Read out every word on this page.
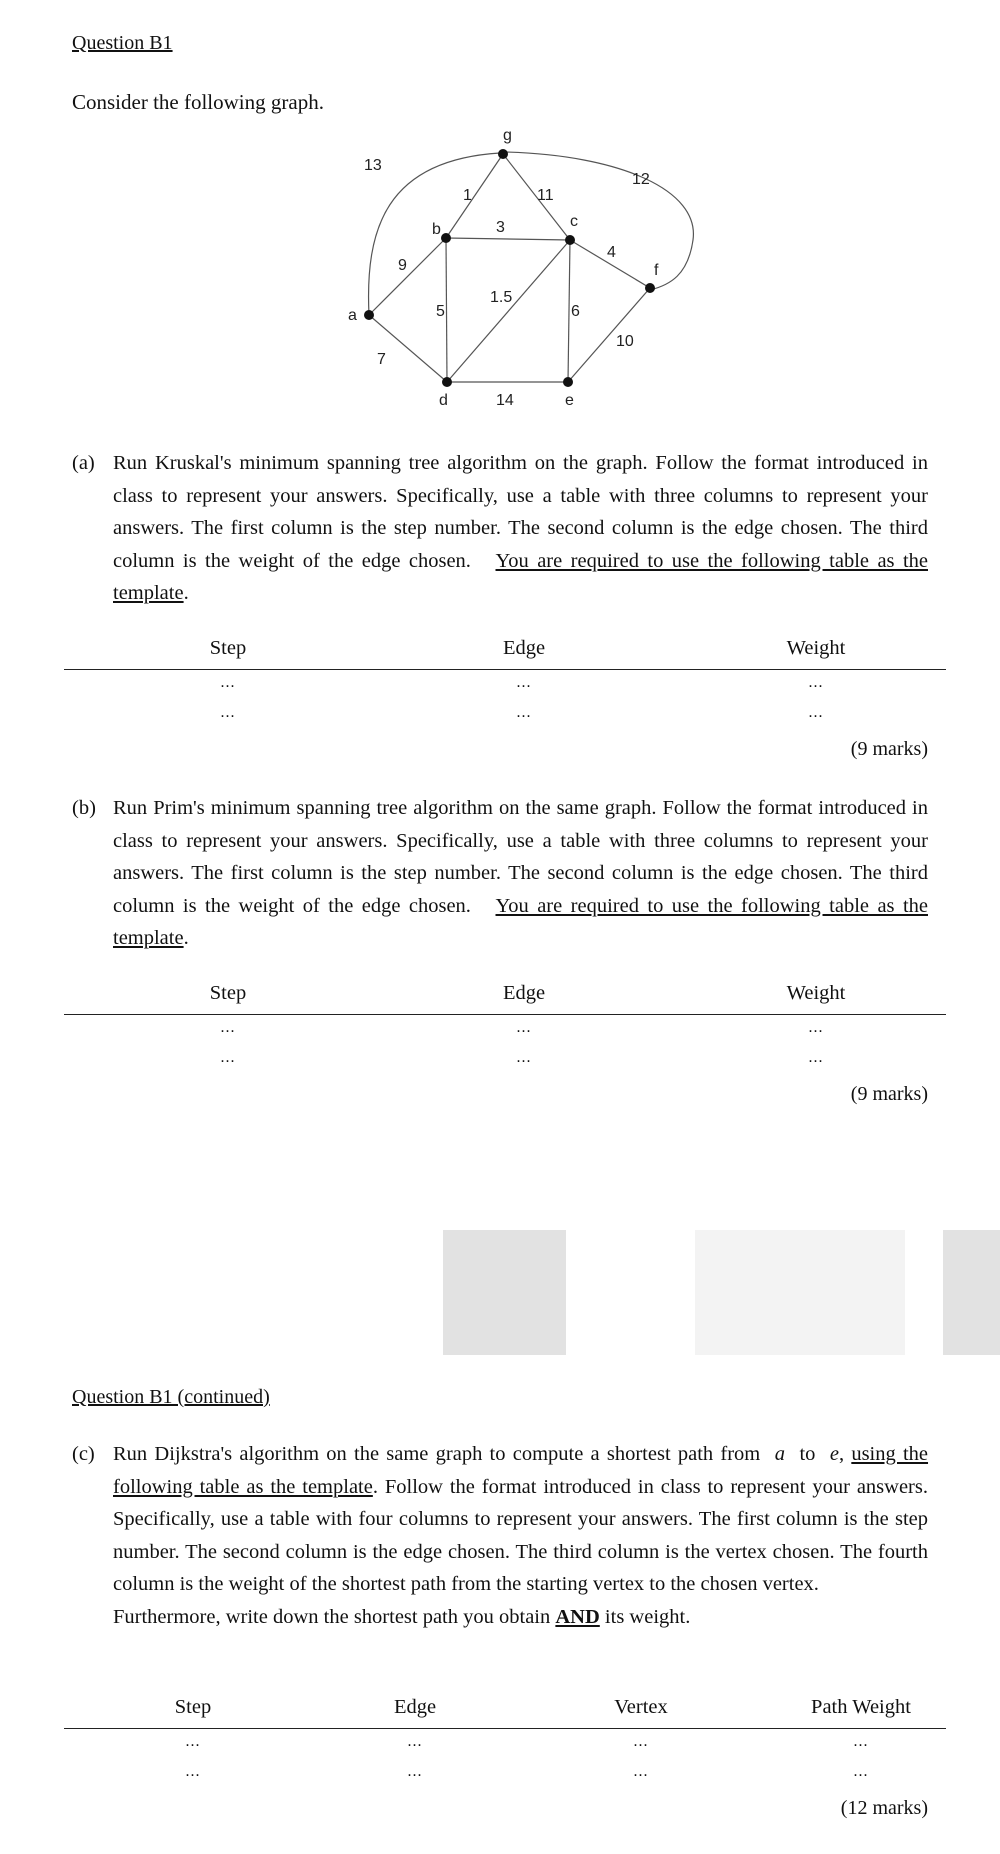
Question B1
Consider the following graph.
a
b	c
d	e
f
g
13
9
7
1
3
5
11
12
1.5
6
4
14
10
(a) Run Kruskal's minimum spanning tree algorithm on the graph. Follow the format introduced in class to represent your answers. Specifically, use a table with three columns to represent your answers. The first column is the step number. The second column is the edge chosen. The third column is the weight of the edge chosen. You are required to use the following table as the template.
Step	Edge	Weight
...	...	...
...	...	...
(9 marks)
(b) Run Prim's minimum spanning tree algorithm on the same graph. Follow the format introduced in class to represent your answers. Specifically, use a table with three columns to represent your answers. The first column is the step number. The second column is the edge chosen. The third column is the weight of the edge chosen. You are required to use the following table as the template.
Step	Edge	Weight
...	...	...
...	...	...
(9 marks)
Question B1 (continued)
(c) Run Dijkstra's algorithm on the same graph to compute a shortest path from a to e, using the following table as the template. Follow the format introduced in class to represent your answers. Specifically, use a table with four columns to represent your answers. The first column is the step number. The second column is the edge chosen. The third column is the vertex chosen. The fourth column is the weight of the shortest path from the starting vertex to the chosen vertex.
Furthermore, write down the shortest path you obtain AND its weight.
Step	Edge	Vertex	Path Weight
...	...	...	...
...	...	...	...
(12 marks)
